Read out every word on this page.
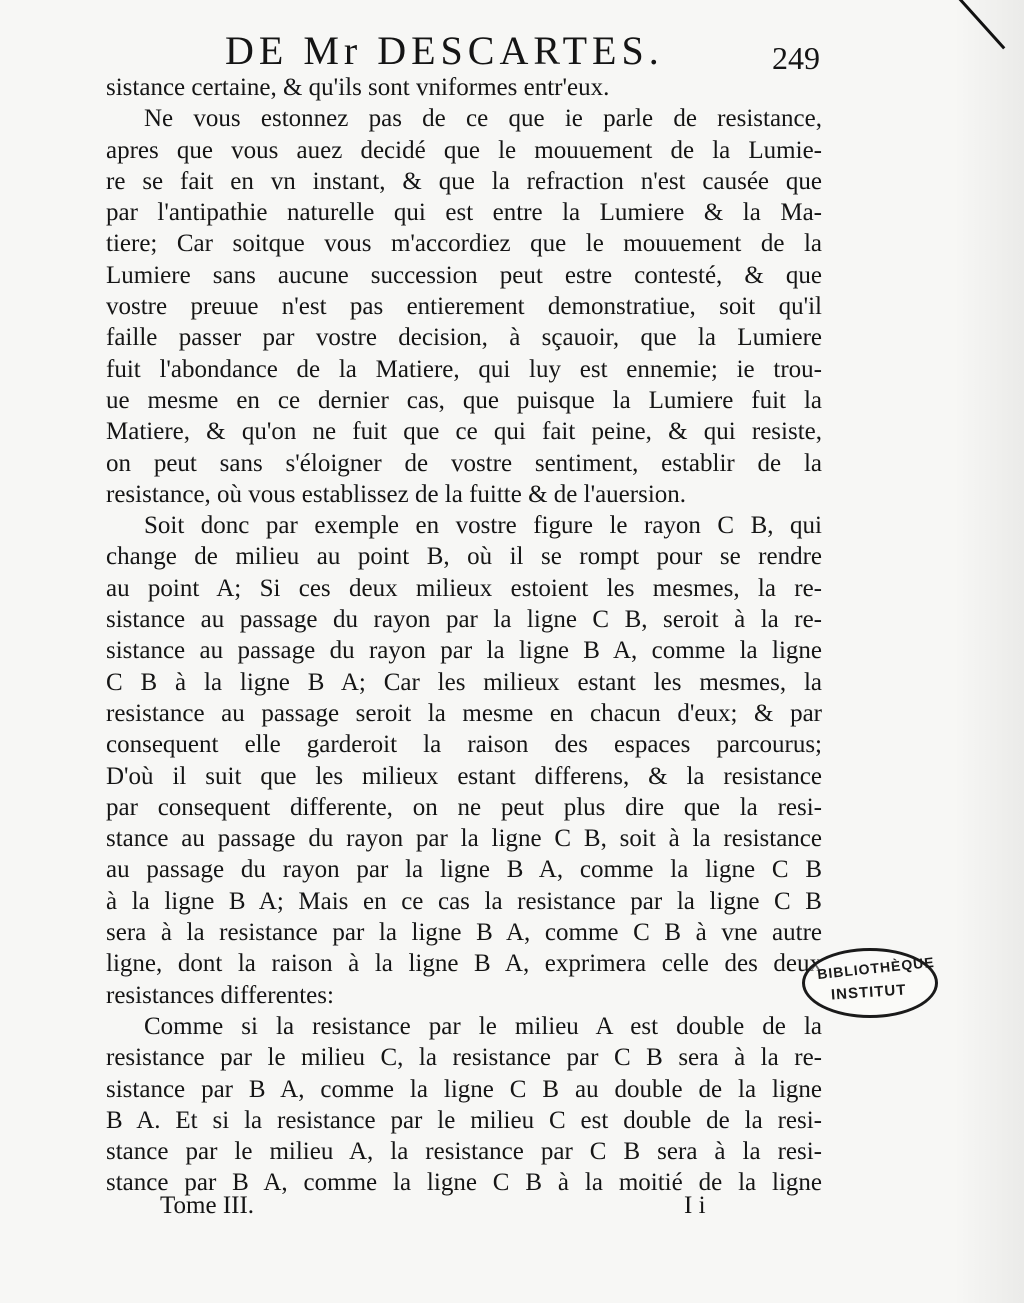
DE Mr DESCARTES.	249
sistance certaine, & qu'ils sont vniformes entr'eux.
Ne vous estonnez pas de ce que ie parle de resistance,
apres que vous auez decidé que le mouuement de la Lumie-
re se fait en vn instant, & que la refraction n'est causée que
par l'antipathie naturelle qui est entre la Lumiere & la Ma-
tiere; Car soitque vous m'accordiez que le mouuement de la
Lumiere sans aucune succession peut estre contesté, & que
vostre preuue n'est pas entierement demonstratiue, soit qu'il
faille passer par vostre decision, à sçauoir, que la Lumiere
fuit l'abondance de la Matiere, qui luy est ennemie; ie trou-
ue mesme en ce dernier cas, que puisque la Lumiere fuit la
Matiere, & qu'on ne fuit que ce qui fait peine, & qui resiste,
on peut sans s'éloigner de vostre sentiment, establir de la
resistance, où vous establissez de la fuitte & de l'auersion.
Soit donc par exemple en vostre figure le rayon C B, qui
change de milieu au point B, où il se rompt pour se rendre
au point A; Si ces deux milieux estoient les mesmes, la re-
sistance au passage du rayon par la ligne C B, seroit à la re-
sistance au passage du rayon par la ligne B A, comme la ligne
C B à la ligne B A; Car les milieux estant les mesmes, la
resistance au passage seroit la mesme en chacun d'eux; & par
consequent elle garderoit la raison des espaces parcourus;
D'où il suit que les milieux estant differens, & la resistance
par consequent differente, on ne peut plus dire que la resi-
stance au passage du rayon par la ligne C B, soit à la resistance
au passage du rayon par la ligne B A, comme la ligne C B
à la ligne B A; Mais en ce cas la resistance par la ligne C B
sera à la resistance par la ligne B A, comme C B à vne autre
ligne, dont la raison à la ligne B A, exprimera celle des deux
resistances differentes:
Comme si la resistance par le milieu A est double de la
resistance par le milieu C, la resistance par C B sera à la re-
sistance par B A, comme la ligne C B au double de la ligne
B A. Et si la resistance par le milieu C est double de la resi-
stance par le milieu A, la resistance par C B sera à la resi-
stance par B A, comme la ligne C B à la moitié de la ligne
BIBLIOTHÈQUE
INSTITUT
Tome III.	I i
